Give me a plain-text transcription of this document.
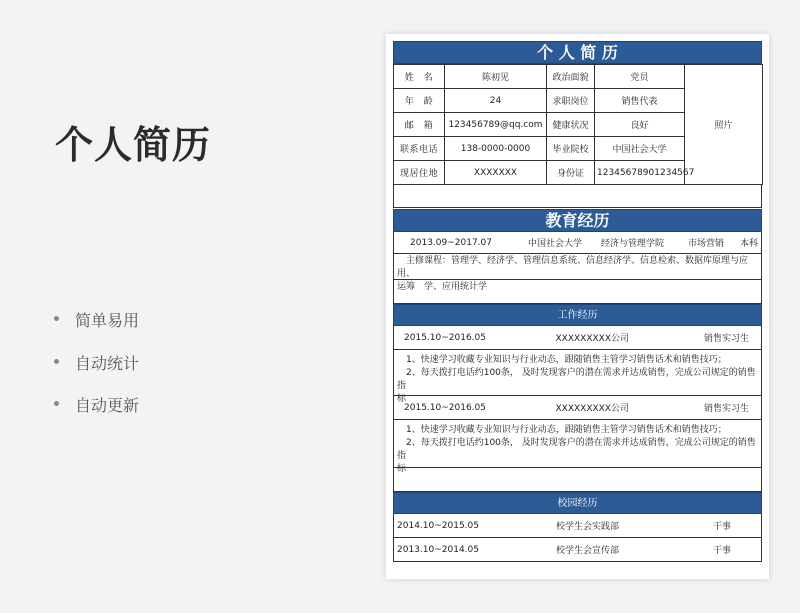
个人简历
简单易用
自动统计
自动更新
个 人 简 历
姓　名	陈初见	政治面貌	党员	照片
年　龄	24	求职岗位	销售代表	
邮　箱	123456789@qq.com	健康状况	良好	
联系电话	138-0000-0000	毕业院校	中国社会大学	
现居住地	XXXXXXX	身份证	12345678901234567	
教育经历
2013.09~2017.07	中国社会大学	经济与管理学院	市场营销	本科

主修课程：管理学、经济学、管理信息系统、信息经济学、信息检索、数据库原理与应用、

运筹　学、应用统计学

工作经历
2015.10~2016.05	XXXXXXXXX公司	销售实习生

1、快速学习收藏专业知识与行业动态，跟随销售主管学习销售话术和销售技巧；

2、每天拨打电话约100条， 及时发现客户的潜在需求并达成销售，完成公司规定的销售指

标

2015.10~2016.05	XXXXXXXXX公司	销售实习生

1、快速学习收藏专业知识与行业动态，跟随销售主管学习销售话术和销售技巧；

2、每天拨打电话约100条， 及时发现客户的潜在需求并达成销售，完成公司规定的销售指

标

校园经历
2014.10~2015.05	校学生会实践部	干事
2013.10~2014.05	校学生会宣传部	干事
